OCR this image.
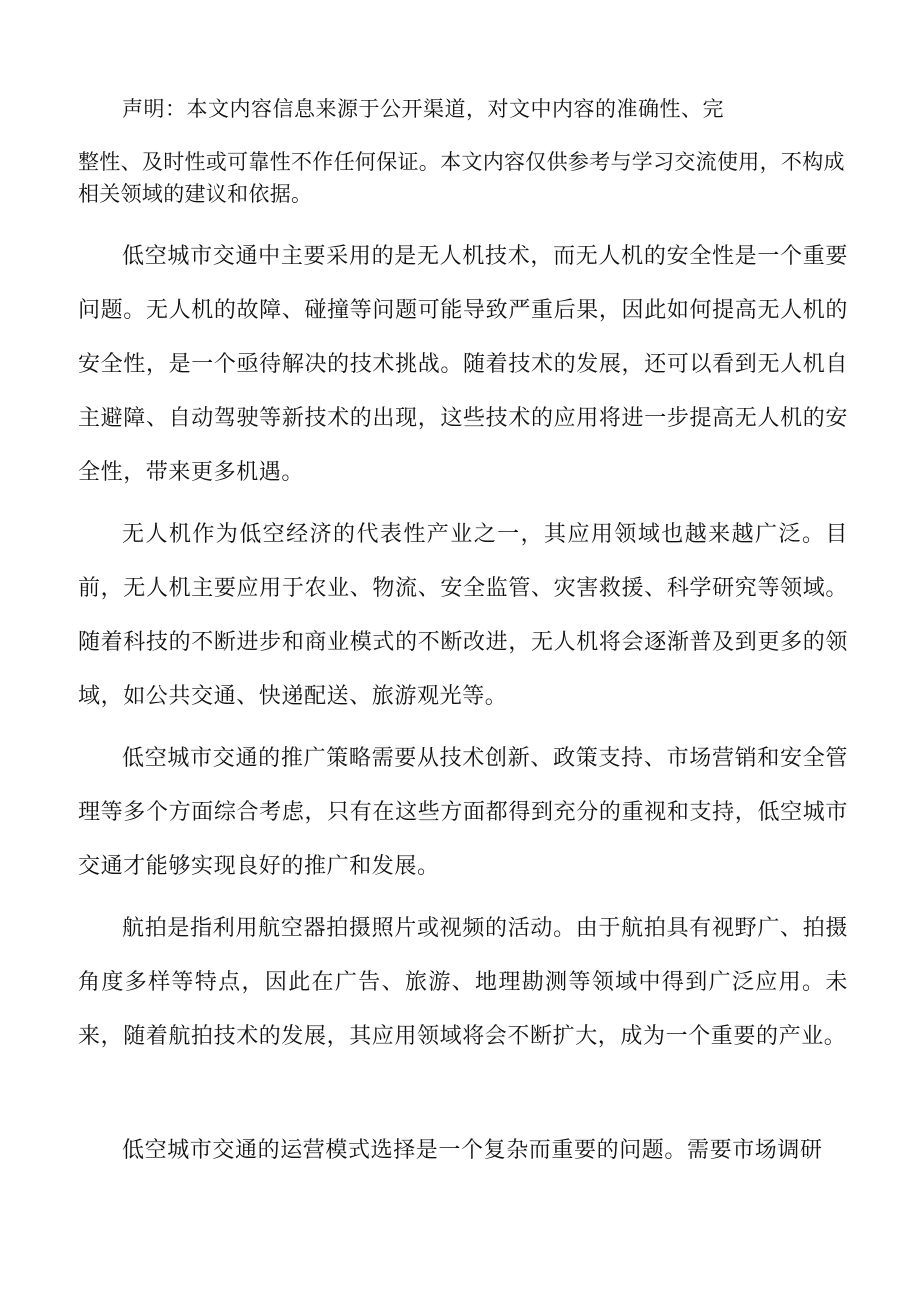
声明：本文内容信息来源于公开渠道，对文中内容的准确性、完
整性、及时性或可靠性不作任何保证。本文内容仅供参考与学习交流使用，不构成相关领域的建议和依据。

低空城市交通中主要采用的是无人机技术，而无人机的安全性是一个重要问题。无人机的故障、碰撞等问题可能导致严重后果，因此如何提高无人机的安全性，是一个亟待解决的技术挑战。随着技术的发展，还可以看到无人机自主避障、自动驾驶等新技术的出现，这些技术的应用将进一步提高无人机的安全性，带来更多机遇。

无人机作为低空经济的代表性产业之一，其应用领域也越来越广泛。目前，无人机主要应用于农业、物流、安全监管、灾害救援、科学研究等领域。随着科技的不断进步和商业模式的不断改进，无人机将会逐渐普及到更多的领域，如公共交通、快递配送、旅游观光等。

低空城市交通的推广策略需要从技术创新、政策支持、市场营销和安全管理等多个方面综合考虑，只有在这些方面都得到充分的重视和支持，低空城市交通才能够实现良好的推广和发展。

航拍是指利用航空器拍摄照片或视频的活动。由于航拍具有视野广、拍摄角度多样等特点，因此在广告、旅游、地理勘测等领域中得到广泛应用。未来，随着航拍技术的发展，其应用领域将会不断扩大，成为一个重要的产业。

低空城市交通的运营模式选择是一个复杂而重要的问题。需要市场调研
